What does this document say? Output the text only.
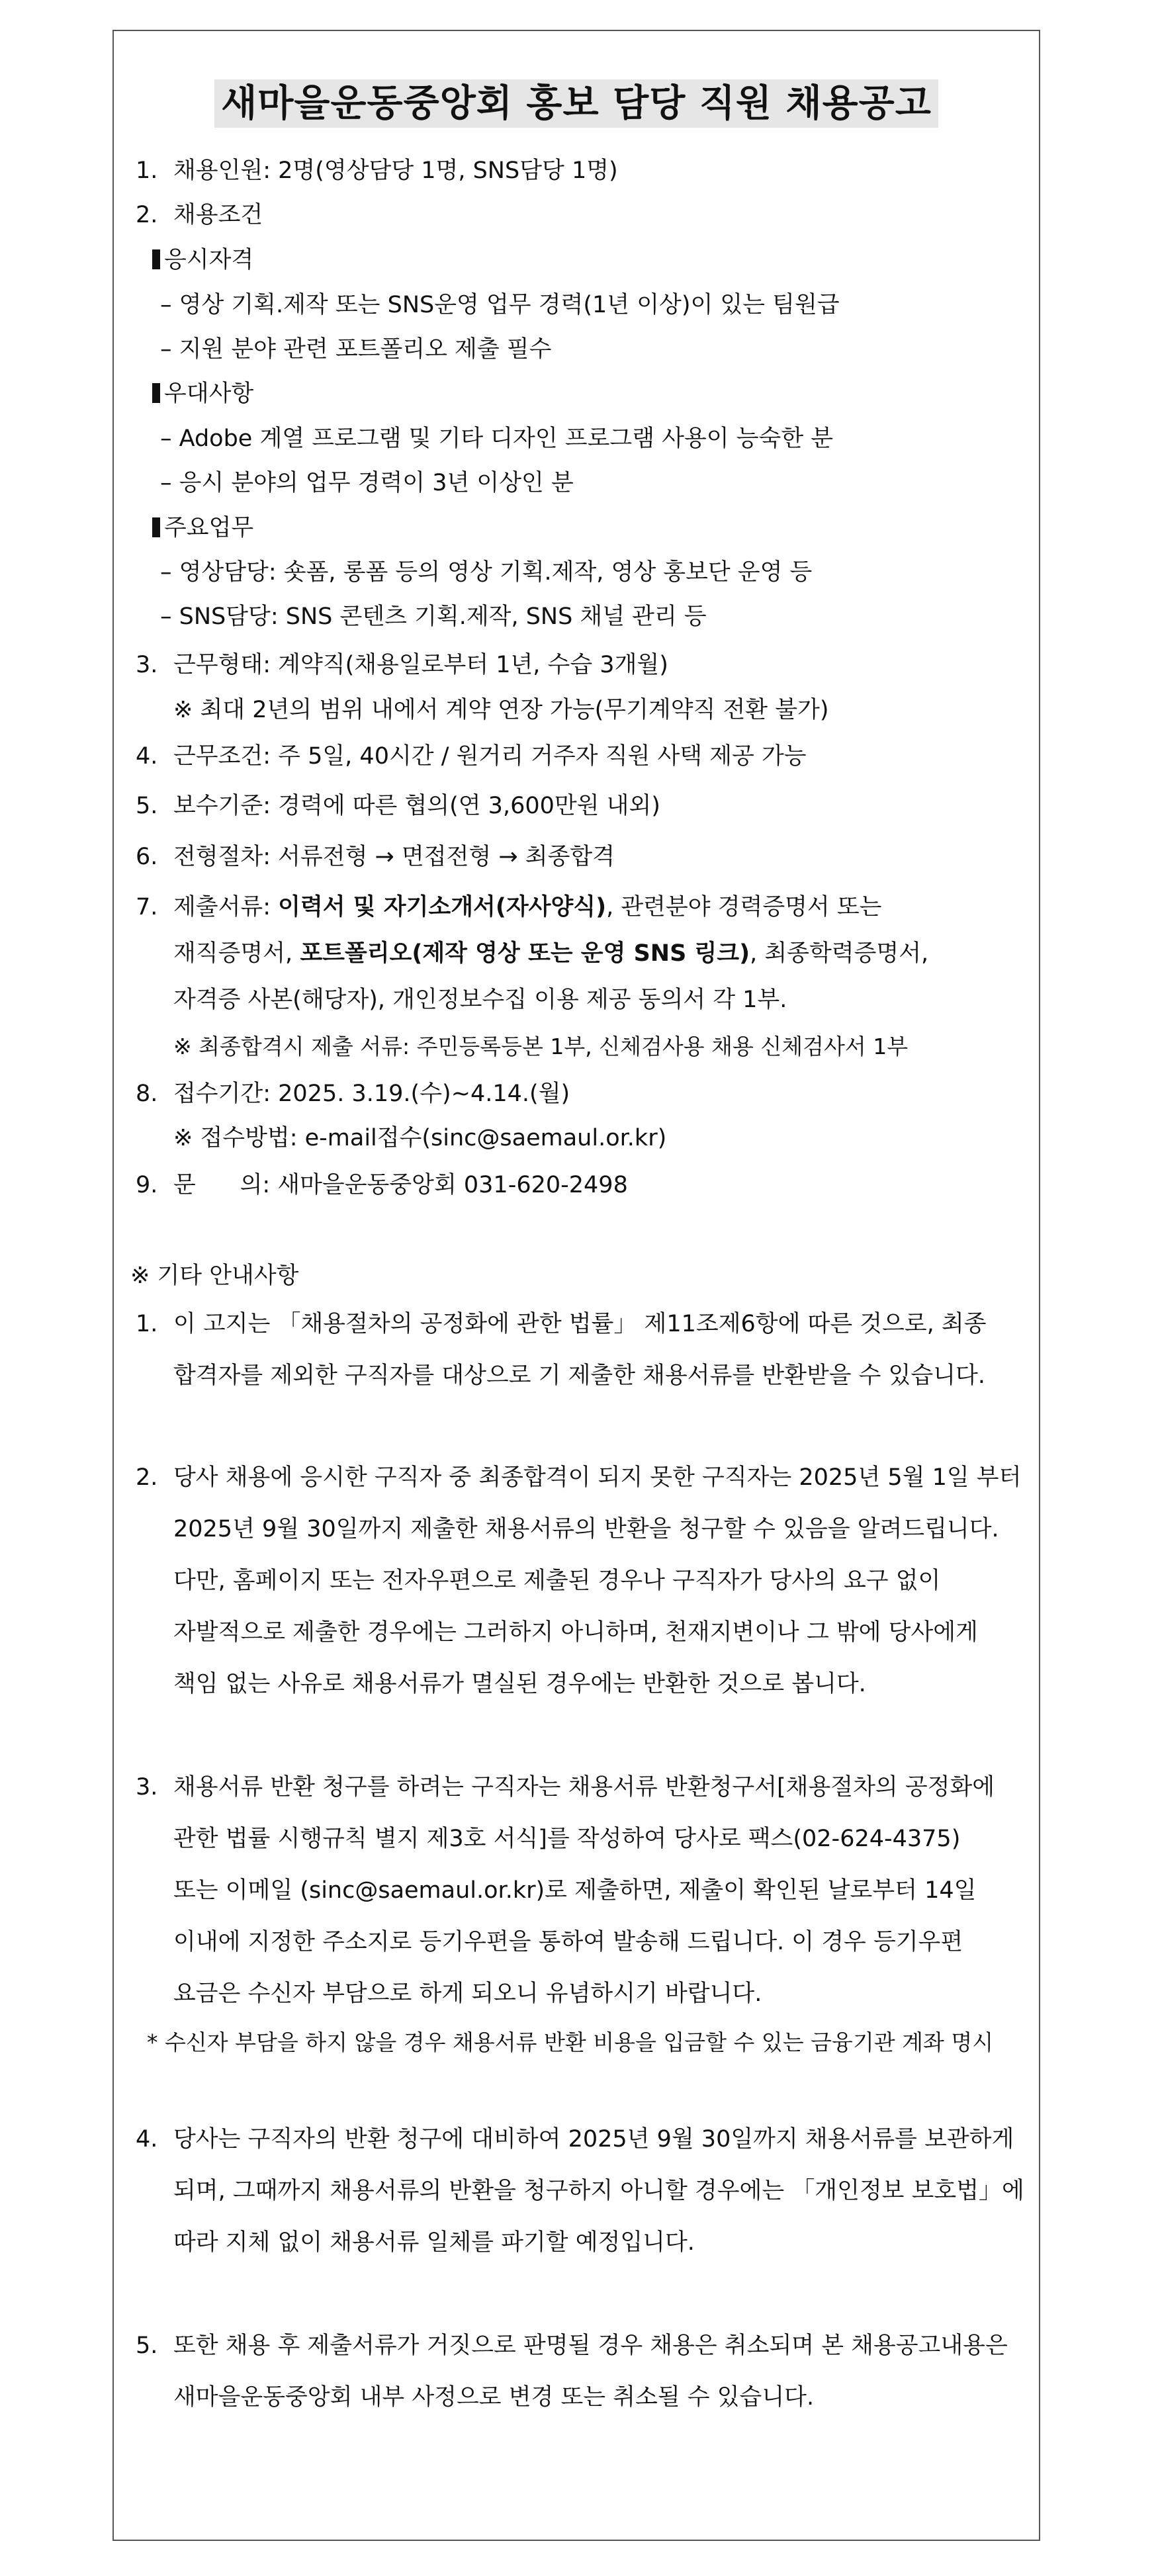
새마을운동중앙회 홍보 담당 직원 채용공고
1. 채용인원: 2명(영상담당 1명, SNS담당 1명)
2. 채용조건
응시자격
– 영상 기획.제작 또는 SNS운영 업무 경력(1년 이상)이 있는 팀원급
– 지원 분야 관련 포트폴리오 제출 필수
우대사항
– Adobe 계열 프로그램 및 기타 디자인 프로그램 사용이 능숙한 분
– 응시 분야의 업무 경력이 3년 이상인 분
주요업무
– 영상담당: 숏폼, 롱폼 등의 영상 기획.제작, 영상 홍보단 운영 등
– SNS담당: SNS 콘텐츠 기획.제작, SNS 채널 관리 등
3. 근무형태: 계약직(채용일로부터 1년, 수습 3개월)
※ 최대 2년의 범위 내에서 계약 연장 가능(무기계약직 전환 불가)
4. 근무조건: 주 5일, 40시간 / 원거리 거주자 직원 사택 제공 가능
5. 보수기준: 경력에 따른 협의(연 3,600만원 내외)
6. 전형절차: 서류전형 → 면접전형 → 최종합격
7. 제출서류: 이력서 및 자기소개서(자사양식), 관련분야 경력증명서 또는
재직증명서, 포트폴리오(제작 영상 또는 운영 SNS 링크), 최종학력증명서,
자격증 사본(해당자), 개인정보수집 이용 제공 동의서 각 1부.
※ 최종합격시 제출 서류: 주민등록등본 1부, 신체검사용 채용 신체검사서 1부
8. 접수기간: 2025. 3.19.(수)~4.14.(월)
※ 접수방법: e-mail접수(sinc@saemaul.or.kr)
9. 문      의: 새마을운동중앙회 031-620-2498
※ 기타 안내사항
1. 이 고지는 「채용절차의 공정화에 관한 법률」 제11조제6항에 따른 것으로, 최종
합격자를 제외한 구직자를 대상으로 기 제출한 채용서류를 반환받을 수 있습니다.
2. 당사 채용에 응시한 구직자 중 최종합격이 되지 못한 구직자는 2025년 5월 1일 부터
2025년 9월 30일까지 제출한 채용서류의 반환을 청구할 수 있음을 알려드립니다.
다만, 홈페이지 또는 전자우편으로 제출된 경우나 구직자가 당사의 요구 없이
자발적으로 제출한 경우에는 그러하지 아니하며, 천재지변이나 그 밖에 당사에게
책임 없는 사유로 채용서류가 멸실된 경우에는 반환한 것으로 봅니다.
3. 채용서류 반환 청구를 하려는 구직자는 채용서류 반환청구서[채용절차의 공정화에
관한 법률 시행규칙 별지 제3호 서식]를 작성하여 당사로 팩스(02-624-4375)
또는 이메일 (sinc@saemaul.or.kr)로 제출하면, 제출이 확인된 날로부터 14일
이내에 지정한 주소지로 등기우편을 통하여 발송해 드립니다. 이 경우 등기우편
요금은 수신자 부담으로 하게 되오니 유념하시기 바랍니다.
* 수신자 부담을 하지 않을 경우 채용서류 반환 비용을 입금할 수 있는 금융기관 계좌 명시
4. 당사는 구직자의 반환 청구에 대비하여 2025년 9월 30일까지 채용서류를 보관하게
되며, 그때까지 채용서류의 반환을 청구하지 아니할 경우에는 「개인정보 보호법」에
따라 지체 없이 채용서류 일체를 파기할 예정입니다.
5. 또한 채용 후 제출서류가 거짓으로 판명될 경우 채용은 취소되며 본 채용공고내용은
새마을운동중앙회 내부 사정으로 변경 또는 취소될 수 있습니다.
